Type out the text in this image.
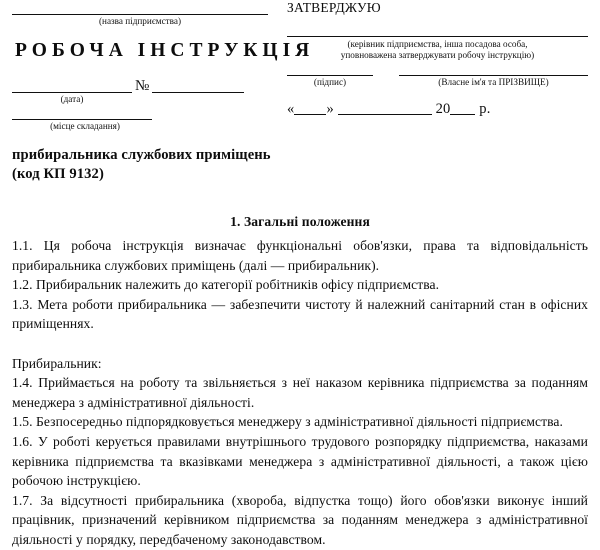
(назва підприємства)
РОБОЧА ІНСТРУКЦІЯ
№
(дата)
(місце складання)
ЗАТВЕРДЖУЮ
(керівник підприємства, інша посадова особа,
уповноважена затверджувати робочу інструкцію)
(підпис)	(Власне ім'я та ПРІЗВИЩЕ)
« »	20 р.
прибиральника службових приміщень
(код КП 9132)
1. Загальні положення

1.1. Ця робоча інструкція визначає функціональні обов'язки, права та відповідальність прибиральника службових приміщень (далі — прибиральник).

1.2. Прибиральник належить до категорії робітників офісу підприємства.

1.3. Мета роботи прибиральника — забезпечити чистоту й належний санітарний стан в офісних приміщеннях.

Прибиральник:

1.4. Приймається на роботу та звільняється з неї наказом керівника підприємства за поданням менеджера з адміністративної діяльності.

1.5. Безпосередньо підпорядковується менеджеру з адміністративної діяльності підприємства.

1.6. У роботі керується правилами внутрішнього трудового розпорядку підприємства, наказами керівника підприємства та вказівками менеджера з адміністративної діяльності, а також цією робочою інструкцією.

1.7. За відсутності прибиральника (хвороба, відпустка тощо) його обов'язки виконує інший працівник, призначений керівником підприємства за поданням менеджера з адміністративної діяльності у порядку, передбаченому законодавством.
